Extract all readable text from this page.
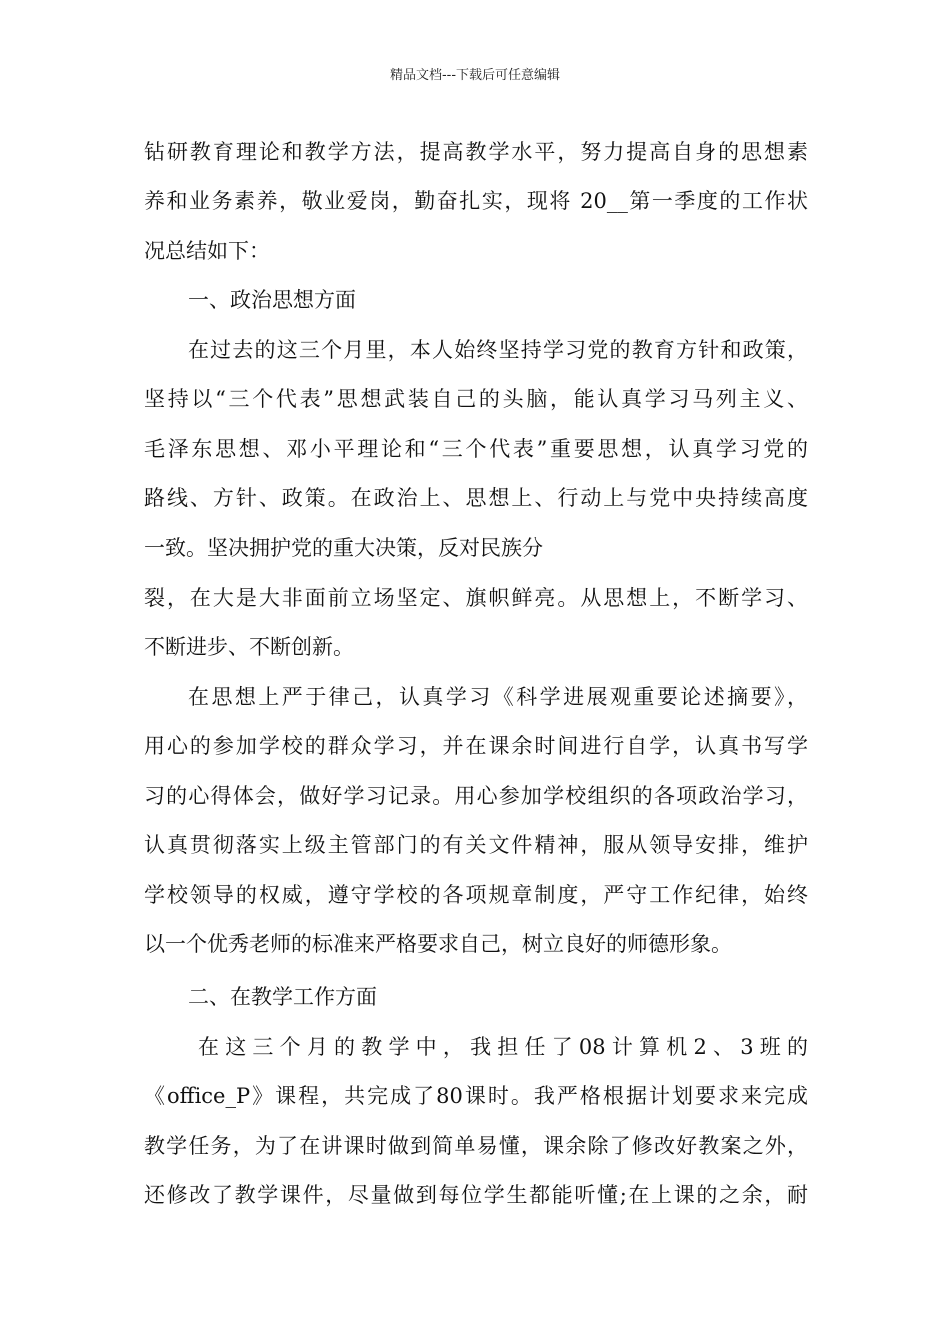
精品文档---下载后可任意编辑

钻研教育理论和教学方法，提高教学水平，努力提高自身的思想素

养和业务素养，敬业爱岗，勤奋扎实，现将 20__第一季度的工作状

况总结如下：

一、政治思想方面

在过去的这三个月里，本人始终坚持学习党的教育方针和政策，

坚持以“三个代表”思想武装自己的头脑，能认真学习马列主义、

毛泽东思想、邓小平理论和“三个代表”重要思想，认真学习党的

路线、方针、政策。在政治上、思想上、行动上与党中央持续高度

一致。坚决拥护党的重大决策，反对民族分

裂，在大是大非面前立场坚定、旗帜鲜亮。从思想上，不断学习、

不断进步、不断创新。

在思想上严于律己，认真学习《科学进展观重要论述摘要》，

用心的参加学校的群众学习，并在课余时间进行自学，认真书写学

习的心得体会，做好学习记录。用心参加学校组织的各项政治学习，

认真贯彻落实上级主管部门的有关文件精神，服从领导安排，维护

学校领导的权威，遵守学校的各项规章制度，严守工作纪律，始终

以一个优秀老师的标准来严格要求自己，树立良好的师德形象。

二、在教学工作方面

在这三个月的教学中，我担任了08计算机2、3班的

《office_P》课程，共完成了80课时。我严格根据计划要求来完成

教学任务，为了在讲课时做到简单易懂，课余除了修改好教案之外，

还修改了教学课件，尽量做到每位学生都能听懂;在上课的之余，耐
